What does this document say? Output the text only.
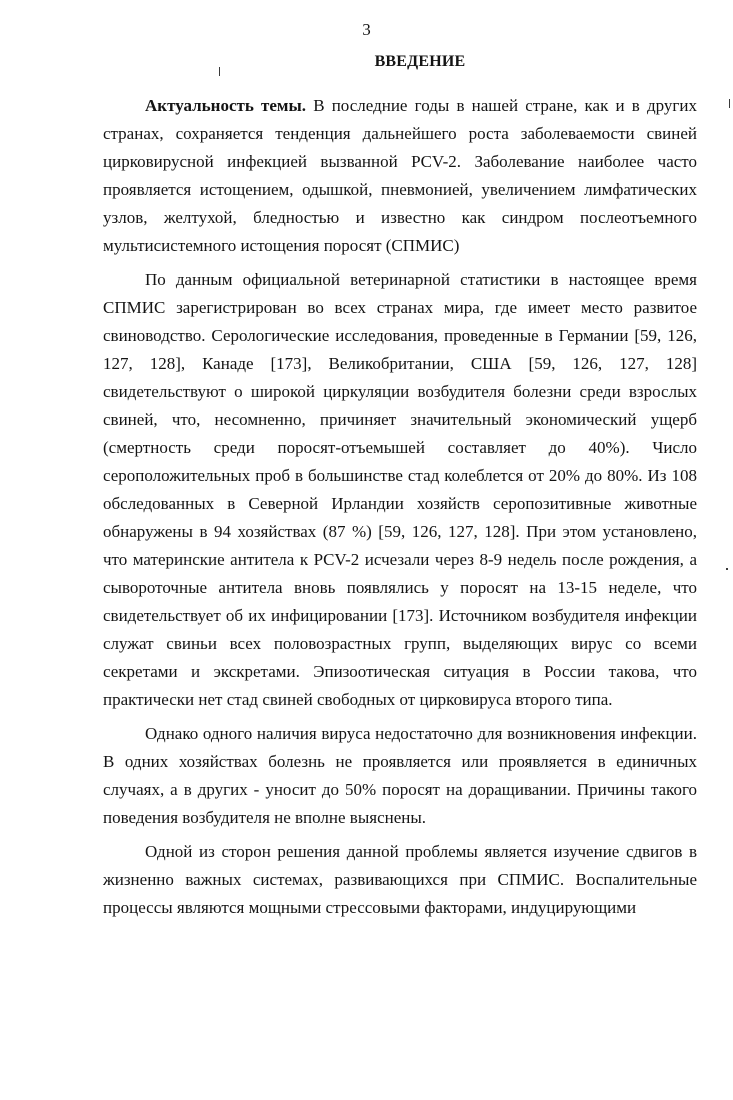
3
ВВЕДЕНИЕ

Актуальность темы. В последние годы в нашей стране, как и в других странах, сохраняется тенденция дальнейшего роста заболеваемости свиней цирковирусной инфекцией вызванной PCV-2. Заболевание наиболее часто проявляется истощением, одышкой, пневмонией, увеличением лимфатических узлов, желтухой, бледностью и известно как синдром послеотъемного мультисистемного истощения поросят (СПМИС)

По данным официальной ветеринарной статистики в настоящее время СПМИС зарегистрирован во всех странах мира, где имеет место развитое свиноводство. Серологические исследования, проведенные в Германии [59, 126, 127, 128], Канаде [173], Великобритании, США [59, 126, 127, 128] свидетельствуют о широкой циркуляции возбудителя болезни среди взрослых свиней, что, несомненно, причиняет значительный экономический ущерб (смертность среди поросят-отъемышей составляет до 40%). Число сероположительных проб в большинстве стад колеблется от 20% до 80%. Из 108 обследованных в Северной Ирландии хозяйств серопозитивные животные обнаружены в 94 хозяйствах (87 %) [59, 126, 127, 128]. При этом установлено, что материнские антитела к PCV-2 исчезали через 8-9 недель после рождения, а сывороточные антитела вновь появлялись у поросят на 13-15 неделе, что свидетельствует об их инфицировании [173]. Источником возбудителя инфекции служат свиньи всех половозрастных групп, выделяющих вирус со всеми секретами и экскретами. Эпизоотическая ситуация в России такова, что практически нет стад свиней свободных от цирковируса второго типа.

Однако одного наличия вируса недостаточно для возникновения инфекции. В одних хозяйствах болезнь не проявляется или проявляется в единичных случаях, а в других - уносит до 50% поросят на доращивании. Причины такого поведения возбудителя не вполне выяснены.

Одной из сторон решения данной проблемы является изучение сдвигов в жизненно важных системах, развивающихся при СПМИС. Воспалительные процессы являются мощными стрессовыми факторами, индуцирующими
